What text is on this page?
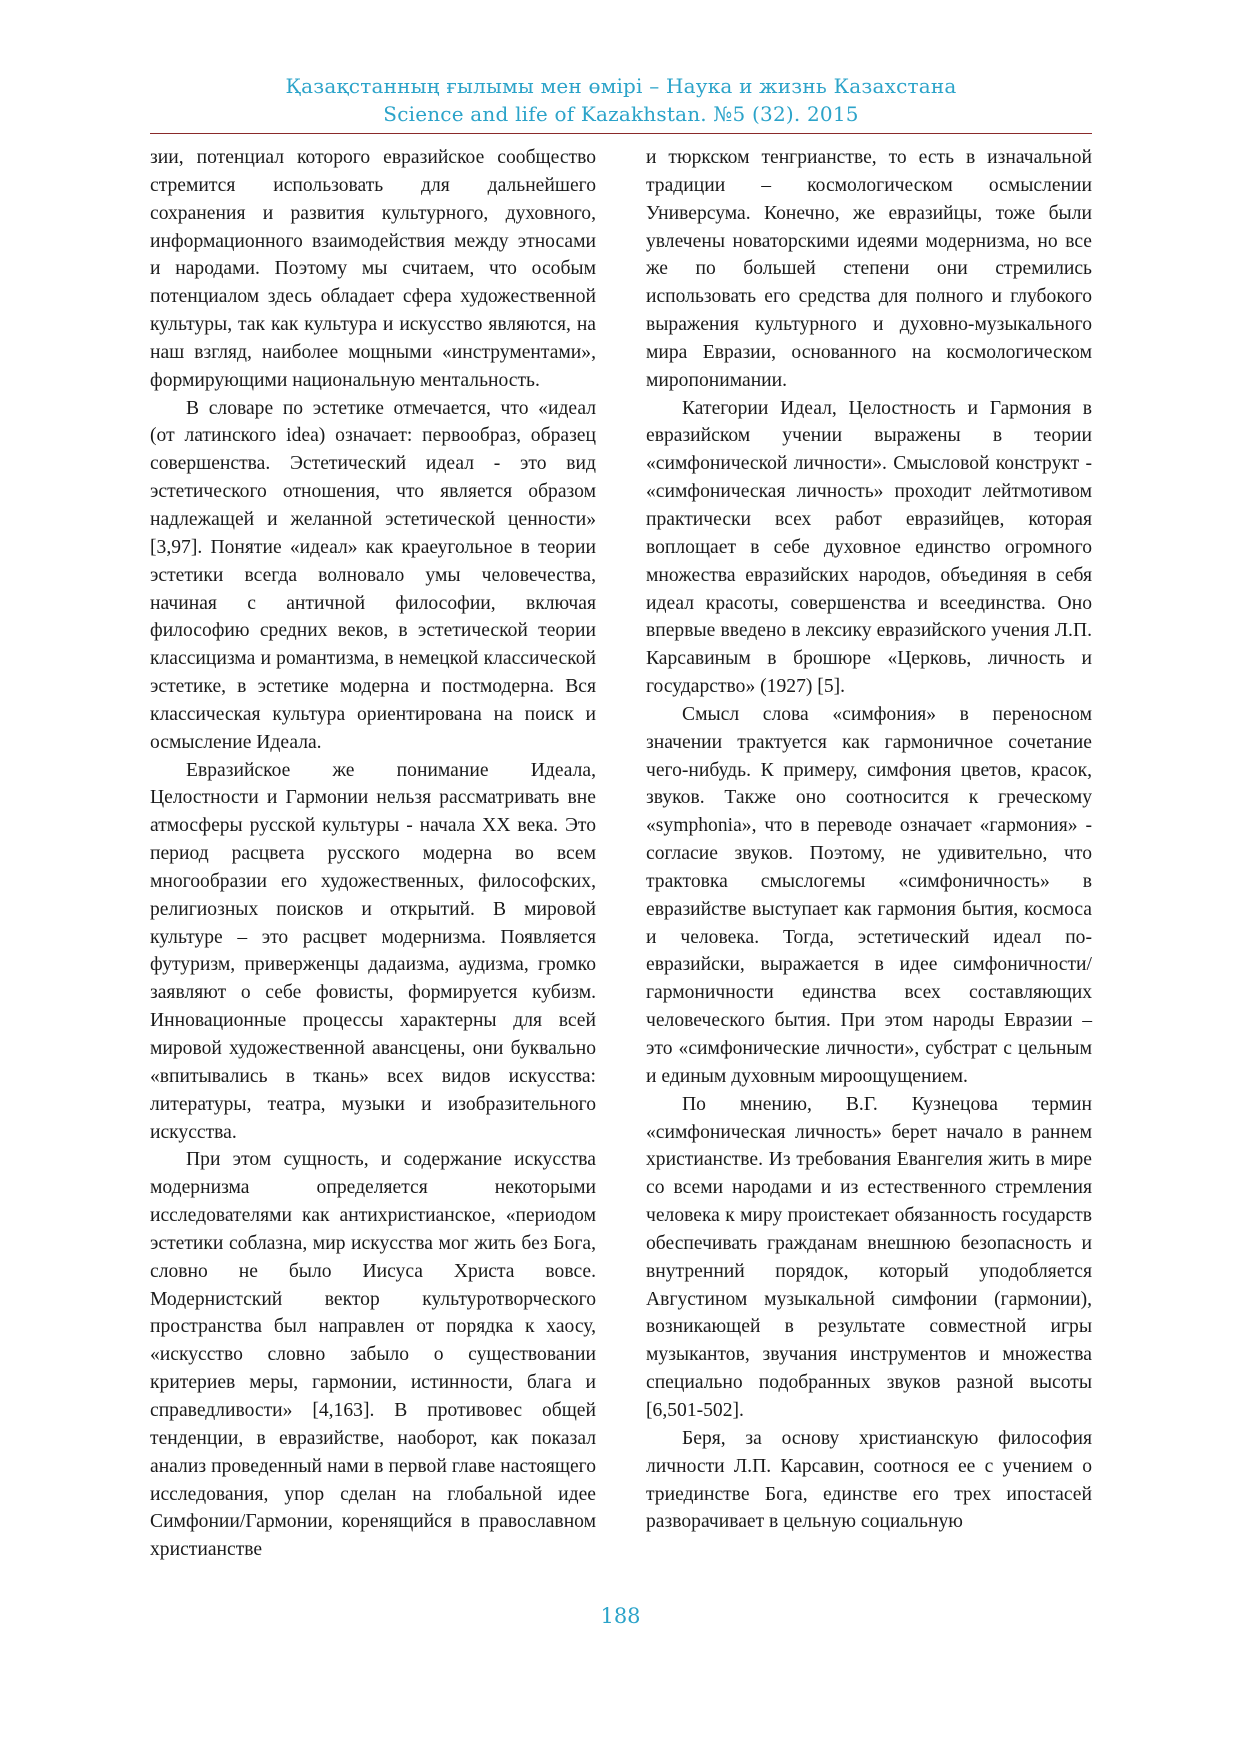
Қазақстанның ғылымы мен өмірі – Наука и жизнь Казахстана
Science and life of Kazakhstan. №5 (32). 2015

зии, потенциал которого евразийское сообщество стремится использовать для дальнейшего сохранения и развития культурного, духовного, информационного взаимодействия между этносами и народами. Поэтому мы считаем, что особым потенциалом здесь обладает сфера художественной культуры, так как культура и искусство являются, на наш взгляд, наиболее мощными «инструментами», формирующими национальную ментальность.

В словаре по эстетике отмечается, что «идеал (от латинского idea) означает: первообраз, образец совершенства. Эстетический идеал - это вид эстетического отношения, что является образом надлежащей и желанной эстетической ценности» [3,97]. Понятие «идеал» как краеугольное в теории эстетики всегда волновало умы человечества, начиная с античной философии, включая философию средних веков, в эстетической теории классицизма и романтизма, в немецкой классической эстетике, в эстетике модерна и постмодерна. Вся классическая культура ориентирована на поиск и осмысление Идеала.

Евразийское же понимание Идеала, Целостности и Гармонии нельзя рассматривать вне атмосферы русской культуры - начала XX века. Это период расцвета русского модерна во всем многообразии его художественных, философских, религиозных поисков и открытий. В мировой культуре – это расцвет модернизма. Появляется футуризм, приверженцы дадаизма, аудизма, громко заявляют о себе фовисты, формируется кубизм. Инновационные процессы характерны для всей мировой художественной авансцены, они буквально «впитывались в ткань» всех видов искусства: литературы, театра, музыки и изобразительного искусства.

При этом сущность, и содержание искусства модернизма определяется некоторыми исследователями как антихристианское, «периодом эстетики соблазна, мир искусства мог жить без Бога, словно не было Иисуса Христа вовсе. Модернистский вектор культуротворческого пространства был направлен от порядка к хаосу, «искусство словно забыло о существовании критериев меры, гармонии, истинности, блага и справедливости» [4,163]. В противовес общей тенденции, в евразийстве, наоборот, как показал анализ проведенный нами в первой главе настоящего исследования, упор сделан на глобальной идее Симфонии/Гармонии, коренящийся в православном христианстве

и тюркском тенгрианстве, то есть в изначальной традиции – космологическом осмыслении Универсума. Конечно, же евразийцы, тоже были увлечены новаторскими идеями модернизма, но все же по большей степени они стремились использовать его средства для полного и глубокого выражения культурного и духовно-музыкального мира Евразии, основанного на космологическом миропонимании.

Категории Идеал, Целостность и Гармония в евразийском учении выражены в теории «симфонической личности». Смысловой конструкт - «симфоническая личность» проходит лейтмотивом практически всех работ евразийцев, которая воплощает в себе духовное единство огромного множества евразийских народов, объединяя в себя идеал красоты, совершенства и всеединства. Оно впервые введено в лексику евразийского учения Л.П. Карсавиным в брошюре «Церковь, личность и государство» (1927) [5].

Смысл слова «симфония» в переносном значении трактуется как гармоничное сочетание чего-нибудь. К примеру, симфония цветов, красок, звуков. Также оно соотносится к греческому «symphonia», что в переводе означает «гармония» - согласие звуков. Поэтому, не удивительно, что трактовка смыслогемы «симфоничность» в евразийстве выступает как гармония бытия, космоса и человека. Тогда, эстетический идеал по-евразийски, выражается в идее симфоничности/гармоничности единства всех составляющих человеческого бытия. При этом народы Евразии – это «симфонические личности», субстрат с цельным и единым духовным мироощущением.

По мнению, В.Г. Кузнецова термин «симфоническая личность» берет начало в раннем христианстве. Из требования Евангелия жить в мире со всеми народами и из естественного стремления человека к миру проистекает обязанность государств обеспечивать гражданам внешнюю безопасность и внутренний порядок, который уподобляется Августином музыкальной симфонии (гармонии), возникающей в результате совместной игры музыкантов, звучания инструментов и множества специально подобранных звуков разной высоты [6,501-502].

Беря, за основу христианскую философия личности Л.П. Карсавин, соотнося ее с учением о триединстве Бога, единстве его трех ипостасей разворачивает в цельную социальную

188
